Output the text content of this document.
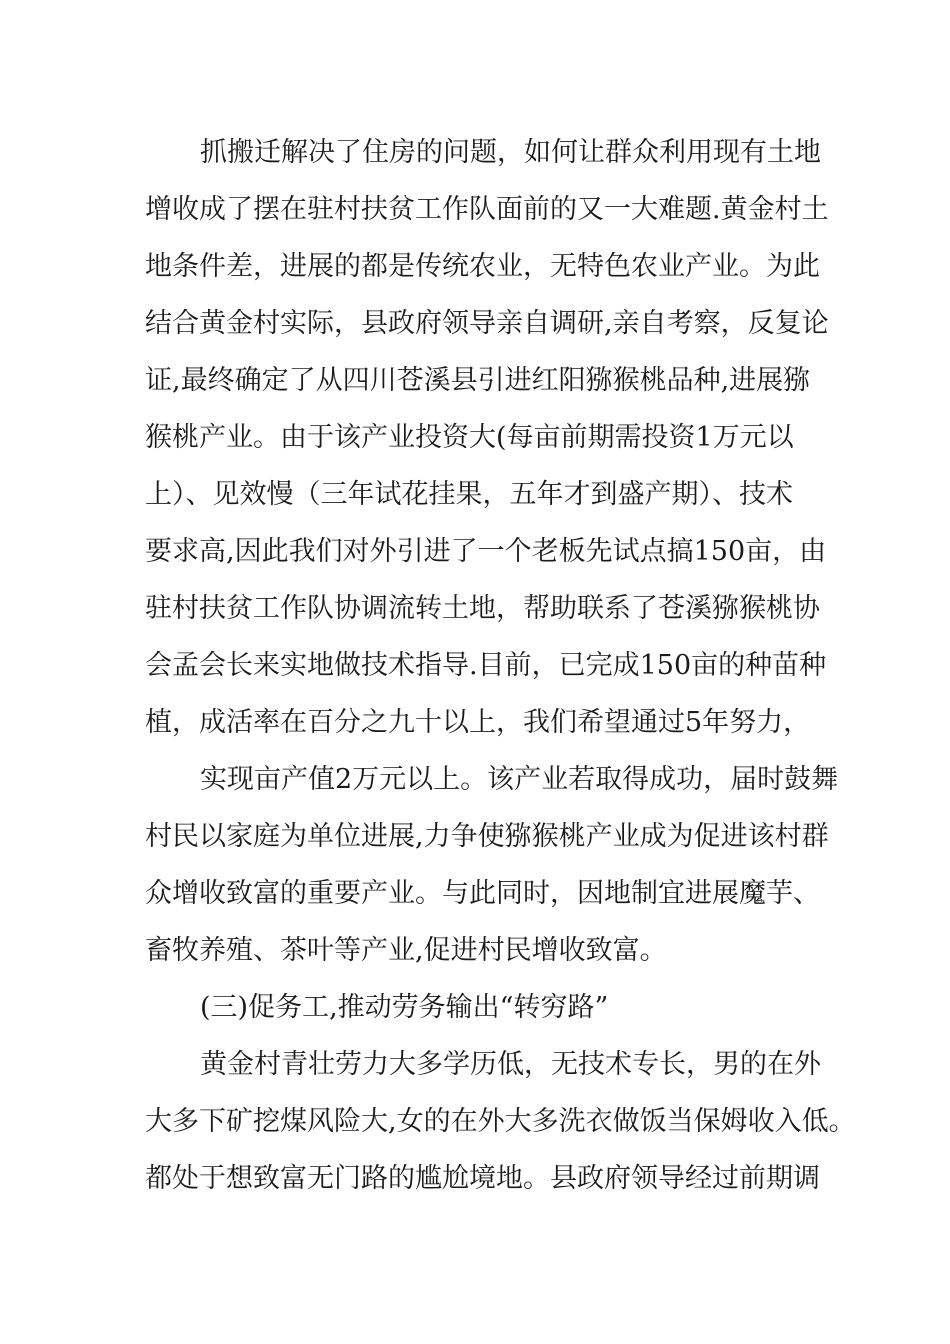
抓搬迁解决了住房的问题，如何让群众利用现有土地
增收成了摆在驻村扶贫工作队面前的又一大难题.黄金村土
地条件差，进展的都是传统农业，无特色农业产业。为此
结合黄金村实际，县政府领导亲自调研,亲自考察，反复论
证,最终确定了从四川苍溪县引进红阳猕猴桃品种,进展猕
猴桃产业。由于该产业投资大(每亩前期需投资1万元以
上）、见效慢（三年试花挂果，五年才到盛产期）、技术
要求高,因此我们对外引进了一个老板先试点搞150亩，由
驻村扶贫工作队协调流转土地，帮助联系了苍溪猕猴桃协
会孟会长来实地做技术指导.目前，已完成150亩的种苗种
植，成活率在百分之九十以上，我们希望通过5年努力，
实现亩产值2万元以上。该产业若取得成功，届时鼓舞
村民以家庭为单位进展,力争使猕猴桃产业成为促进该村群
众增收致富的重要产业。与此同时，因地制宜进展魔芋、
畜牧养殖、茶叶等产业,促进村民增收致富。
(三)促务工,推动劳务输出“转穷路”
黄金村青壮劳力大多学历低，无技术专长，男的在外
大多下矿挖煤风险大,女的在外大多洗衣做饭当保姆收入低。
都处于想致富无门路的尴尬境地。县政府领导经过前期调
